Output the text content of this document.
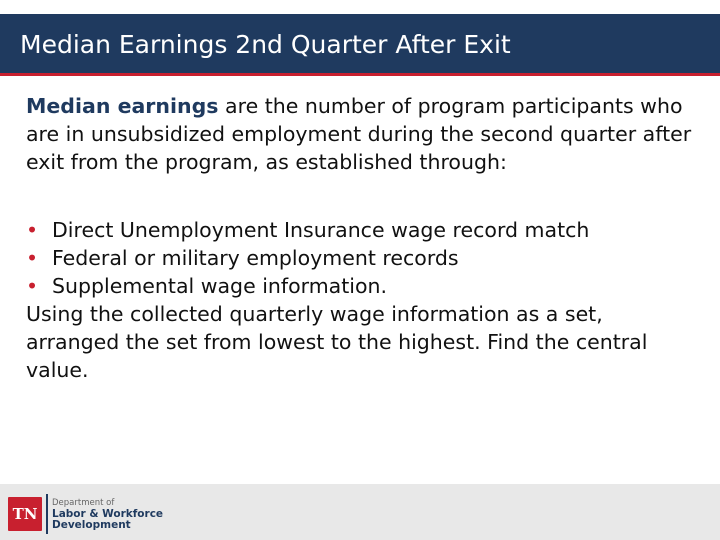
Median Earnings 2nd Quarter After Exit

Median earnings are the number of program participants who are in unsubsidized employment during the second quarter after exit from the program, as established through:

• Direct Unemployment Insurance wage record match
• Federal or military employment records
• Supplemental wage information.

Using the collected quarterly wage information as a set, arranged the set from lowest to the highest. Find the central value.

TN
Department of
Labor & Workforce
Development
